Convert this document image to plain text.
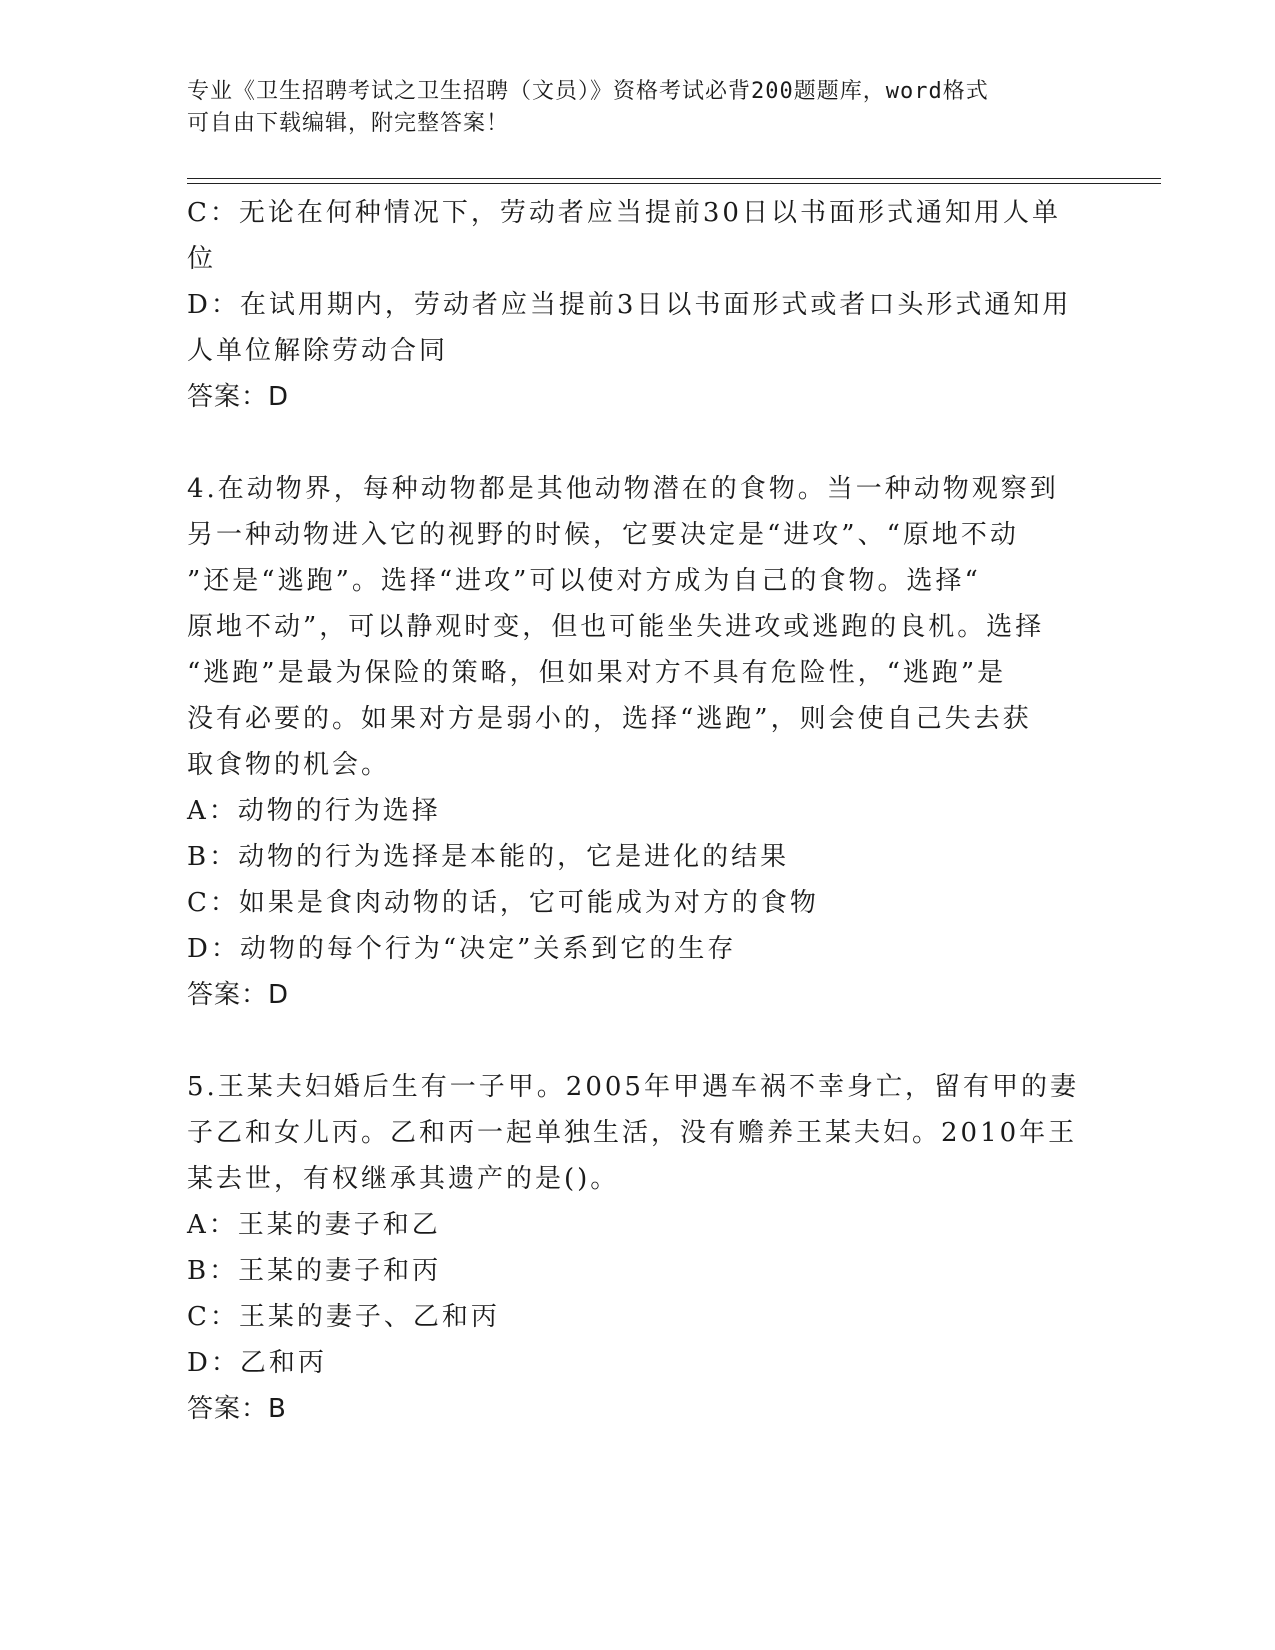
专业《卫生招聘考试之卫生招聘（文员）》资格考试必背200题题库，word格式
可自由下载编辑，附完整答案！
C：无论在何种情况下，劳动者应当提前30日以书面形式通知用人单
位
D：在试用期内，劳动者应当提前3日以书面形式或者口头形式通知用
人单位解除劳动合同
答案：D
4.在动物界，每种动物都是其他动物潜在的食物。当一种动物观察到
另一种动物进入它的视野的时候，它要决定是“进攻”、“原地不动
”还是“逃跑”。选择“进攻”可以使对方成为自己的食物。选择“
原地不动”，可以静观时变，但也可能坐失进攻或逃跑的良机。选择
“逃跑”是最为保险的策略，但如果对方不具有危险性，“逃跑”是
没有必要的。如果对方是弱小的，选择“逃跑”，则会使自己失去获
取食物的机会。
A：动物的行为选择
B：动物的行为选择是本能的，它是进化的结果
C：如果是食肉动物的话，它可能成为对方的食物
D：动物的每个行为“决定”关系到它的生存
答案：D
5.王某夫妇婚后生有一子甲。2005年甲遇车祸不幸身亡，留有甲的妻
子乙和女儿丙。乙和丙一起单独生活，没有赡养王某夫妇。2010年王
某去世，有权继承其遗产的是()。
A：王某的妻子和乙
B：王某的妻子和丙
C：王某的妻子、乙和丙
D：乙和丙
答案：B
